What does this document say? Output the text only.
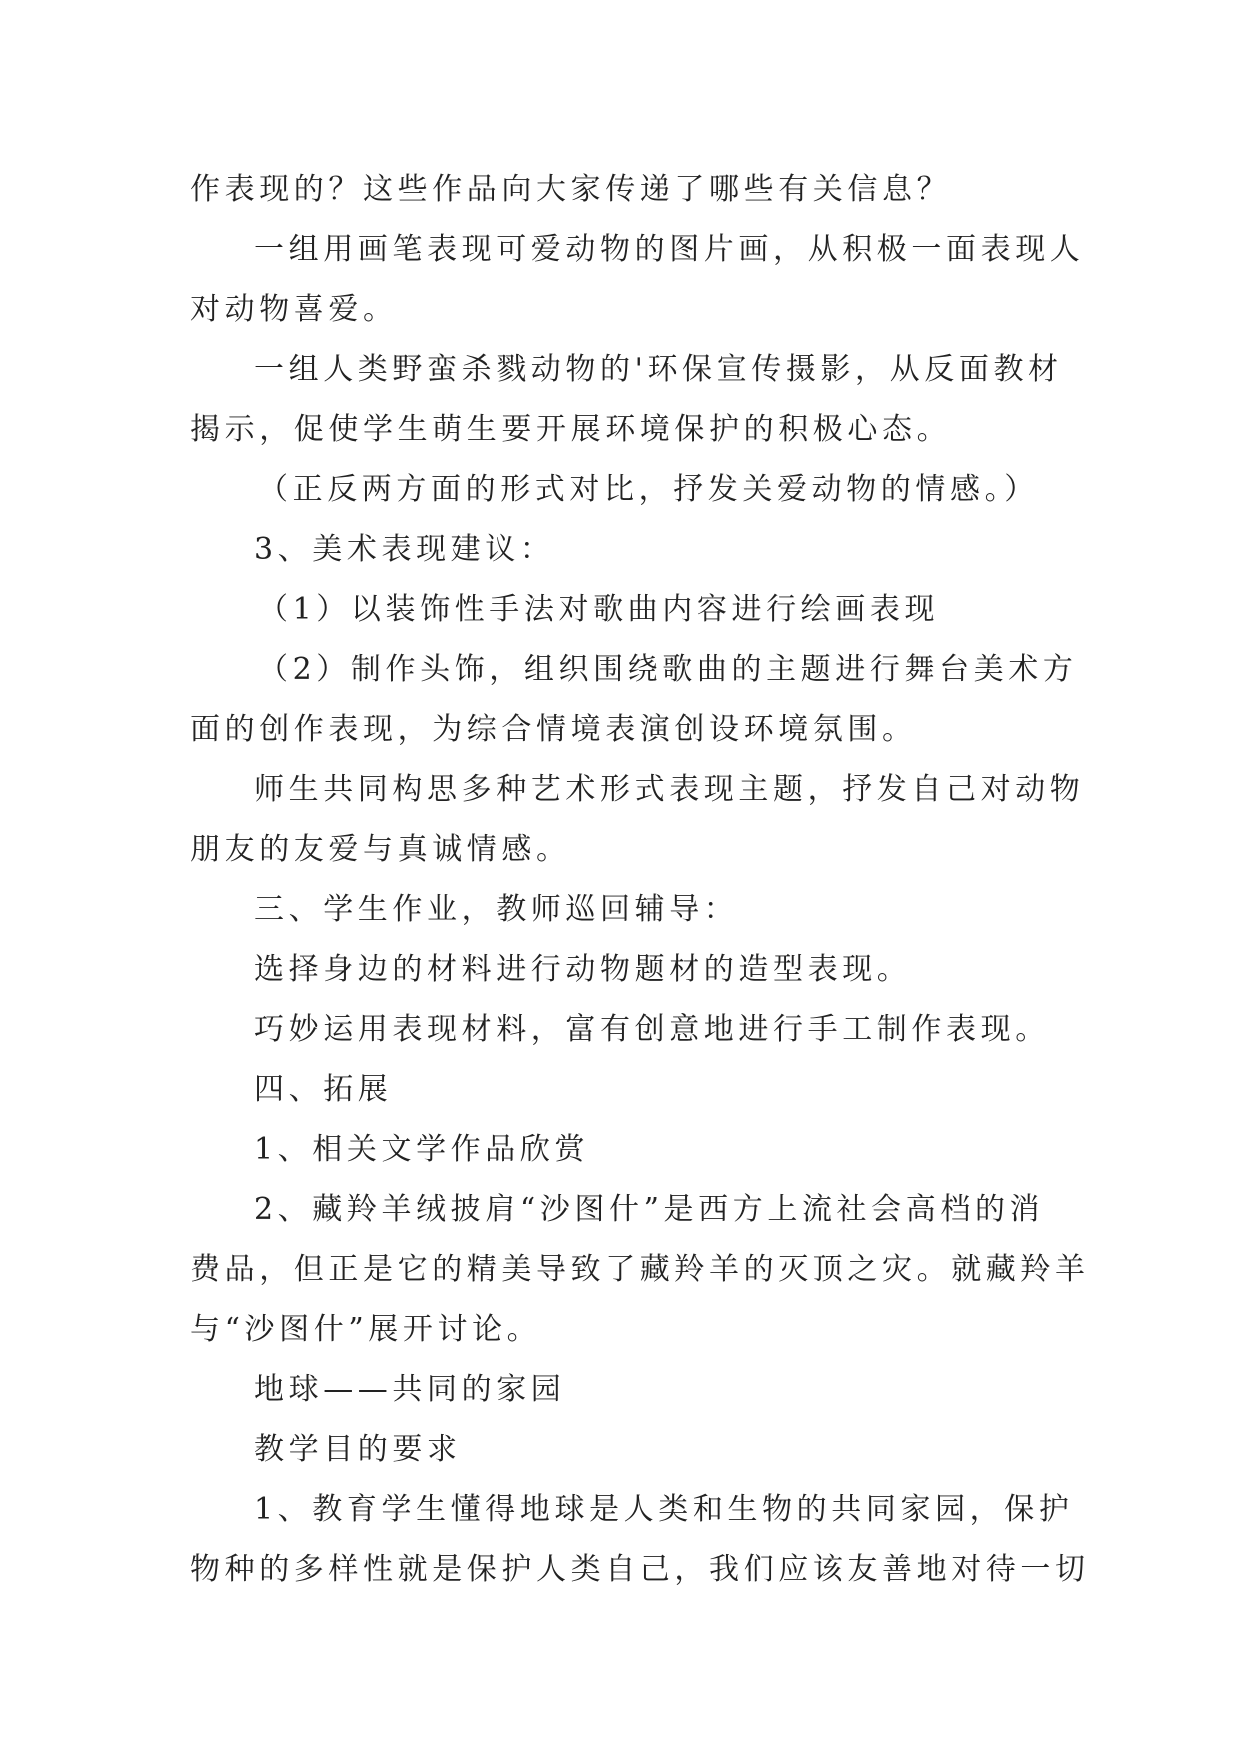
作表现的？这些作品向大家传递了哪些有关信息？
一组用画笔表现可爱动物的图片画，从积极一面表现人
对动物喜爱。
一组人类野蛮杀戮动物的'环保宣传摄影，从反面教材
揭示，促使学生萌生要开展环境保护的积极心态。
（正反两方面的形式对比，抒发关爱动物的情感。）
3、美术表现建议：
（1）以装饰性手法对歌曲内容进行绘画表现
（2）制作头饰，组织围绕歌曲的主题进行舞台美术方
面的创作表现，为综合情境表演创设环境氛围。
师生共同构思多种艺术形式表现主题，抒发自己对动物
朋友的友爱与真诚情感。
三、学生作业，教师巡回辅导：
选择身边的材料进行动物题材的造型表现。
巧妙运用表现材料，富有创意地进行手工制作表现。
四、拓展
1、相关文学作品欣赏
2、藏羚羊绒披肩“沙图什”是西方上流社会高档的消
费品，但正是它的精美导致了藏羚羊的灭顶之灾。就藏羚羊
与“沙图什”展开讨论。
地球——共同的家园
教学目的要求
1、教育学生懂得地球是人类和生物的共同家园，保护
物种的多样性就是保护人类自己，我们应该友善地对待一切
